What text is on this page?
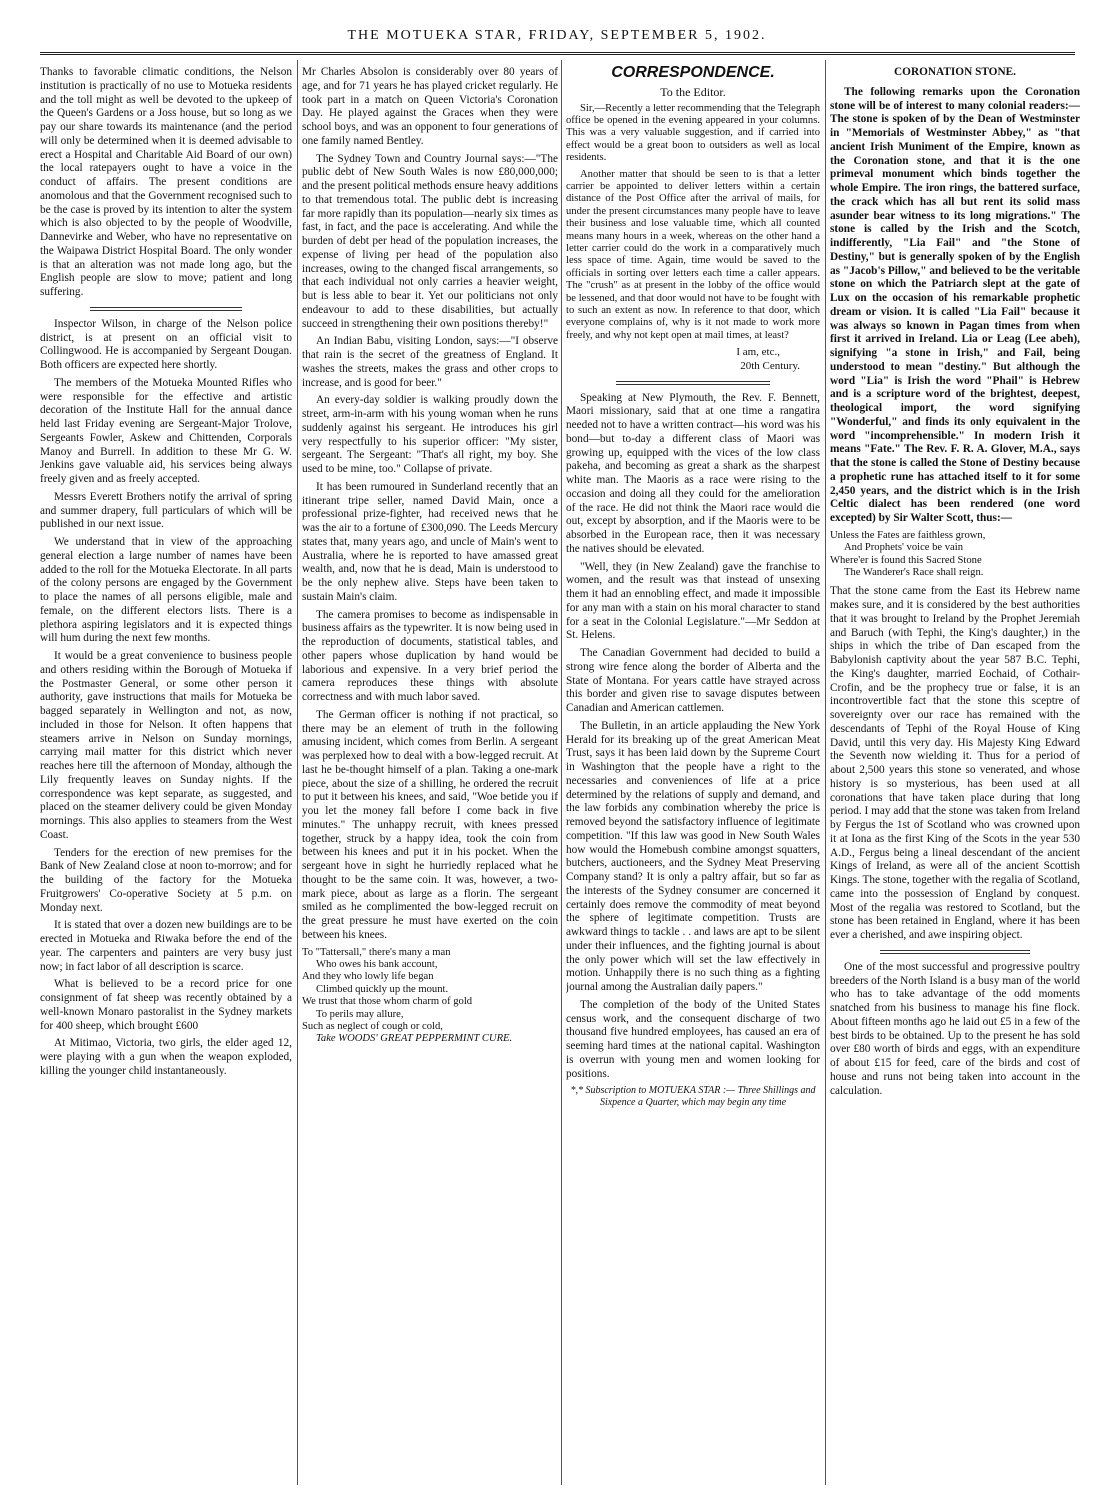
THE MOTUEKA STAR, FRIDAY, SEPTEMBER 5, 1902.

Thanks to favorable climatic conditions, the Nelson institution is practically of no use to Motueka residents and the toll might as well be devoted to the upkeep of the Queen's Gardens or a Joss house, but so long as we pay our share towards its maintenance (and the period will only be determined when it is deemed advisable to erect a Hospital and Charitable Aid Board of our own) the local ratepayers ought to have a voice in the conduct of affairs. The present conditions are anomolous and that the Government recognised such to be the case is proved by its intention to alter the system which is also objected to by the people of Woodville, Dannevirke and Weber, who have no representative on the Waipawa District Hospital Board. The only wonder is that an alteration was not made long ago, but the English people are slow to move; patient and long suffering.

Inspector Wilson, in charge of the Nelson police district, is at present on an official visit to Collingwood. He is accompanied by Sergeant Dougan. Both officers are expected here shortly.

The members of the Motueka Mounted Rifles who were responsible for the effective and artistic decoration of the Institute Hall for the annual dance held last Friday evening are Sergeant-Major Trolove, Sergeants Fowler, Askew and Chittenden, Corporals Manoy and Burrell. In addition to these Mr G. W. Jenkins gave valuable aid, his services being always freely given and as freely accepted.

Messrs Everett Brothers notify the arrival of spring and summer drapery, full particulars of which will be published in our next issue.

We understand that in view of the approaching general election a large number of names have been added to the roll for the Motueka Electorate. In all parts of the colony persons are engaged by the Government to place the names of all persons eligible, male and female, on the different electors lists. There is a plethora aspiring legislators and it is expected things will hum during the next few months.

It would be a great convenience to business people and others residing within the Borough of Motueka if the Postmaster General, or some other person it authority, gave instructions that mails for Motueka be bagged separately in Wellington and not, as now, included in those for Nelson. It often happens that steamers arrive in Nelson on Sunday mornings, carrying mail matter for this district which never reaches here till the afternoon of Monday, although the Lily frequently leaves on Sunday nights. If the correspondence was kept separate, as suggested, and placed on the steamer delivery could be given Monday mornings. This also applies to steamers from the West Coast.

Tenders for the erection of new premises for the Bank of New Zealand close at noon to-morrow; and for the building of the factory for the Motueka Fruitgrowers' Co-operative Society at 5 p.m. on Monday next.

It is stated that over a dozen new buildings are to be erected in Motueka and Riwaka before the end of the year. The carpenters and painters are very busy just now; in fact labor of all description is scarce.

What is believed to be a record price for one consignment of fat sheep was recently obtained by a well-known Monaro pastoralist in the Sydney markets for 400 sheep, which brought £600

At Mitimao, Victoria, two girls, the elder aged 12, were playing with a gun when the weapon exploded, killing the younger child instantaneously.

Mr Charles Absolon is considerably over 80 years of age, and for 71 years he has played cricket regularly. He took part in a match on Queen Victoria's Coronation Day. He played against the Graces when they were school boys, and was an opponent to four generations of one family named Bentley.

The Sydney Town and Country Journal says:—"The public debt of New South Wales is now £80,000,000; and the present political methods ensure heavy additions to that tremendous total. The public debt is increasing far more rapidly than its population—nearly six times as fast, in fact, and the pace is accelerating. And while the burden of debt per head of the population increases, the expense of living per head of the population also increases, owing to the changed fiscal arrangements, so that each individual not only carries a heavier weight, but is less able to bear it. Yet our politicians not only endeavour to add to these disabilities, but actually succeed in strengthening their own positions thereby!"

An Indian Babu, visiting London, says:—"I observe that rain is the secret of the greatness of England. It washes the streets, makes the grass and other crops to increase, and is good for beer."

An every-day soldier is walking proudly down the street, arm-in-arm with his young woman when he runs suddenly against his sergeant. He introduces his girl very respectfully to his superior officer: "My sister, sergeant. The Sergeant: "That's all right, my boy. She used to be mine, too." Collapse of private.

It has been rumoured in Sunderland recently that an itinerant tripe seller, named David Main, once a professional prize-fighter, had received news that he was the air to a fortune of £300,090. The Leeds Mercury states that, many years ago, and uncle of Main's went to Australia, where he is reported to have amassed great wealth, and, now that he is dead, Main is understood to be the only nephew alive. Steps have been taken to sustain Main's claim.

The camera promises to become as indispensable in business affairs as the typewriter. It is now being used in the reproduction of documents, statistical tables, and other papers whose duplication by hand would be laborious and expensive. In a very brief period the camera reproduces these things with absolute correctness and with much labor saved.

The German officer is nothing if not practical, so there may be an element of truth in the following amusing incident, which comes from Berlin. A sergeant was perplexed how to deal with a bow-legged recruit. At last he be-thought himself of a plan. Taking a one-mark piece, about the size of a shilling, he ordered the recruit to put it between his knees, and said, "Woe betide you if you let the money fall before I come back in five minutes." The unhappy recruit, with knees pressed together, struck by a happy idea, took the coin from between his knees and put it in his pocket. When the sergeant hove in sight he hurriedly replaced what he thought to be the same coin. It was, however, a two-mark piece, about as large as a florin. The sergeant smiled as he complimented the bow-legged recruit on the great pressure he must have exerted on the coin between his knees.

To "Tattersall," there's many a man
Who owes his bank account,
And they who lowly life began
Climbed quickly up the mount.
We trust that those whom charm of gold
To perils may allure,
Such as neglect of cough or cold,
Take WOODS' GREAT PEPPERMINT CURE.
CORRESPONDENCE.
To the Editor.

Sir,—Recently a letter recommending that the Telegraph office be opened in the evening appeared in your columns. This was a very valuable suggestion, and if carried into effect would be a great boon to outsiders as well as local residents.

Another matter that should be seen to is that a letter carrier be appointed to deliver letters within a certain distance of the Post Office after the arrival of mails, for under the present circumstances many people have to leave their business and lose valuable time, which all counted means many hours in a week, whereas on the other hand a letter carrier could do the work in a comparatively much less space of time. Again, time would be saved to the officials in sorting over letters each time a caller appears. The "crush" as at present in the lobby of the office would be lessened, and that door would not have to be fought with to such an extent as now. In reference to that door, which everyone complains of, why is it not made to work more freely, and why not kept open at mail times, at least?

I am, etc.,
20th Century.

Speaking at New Plymouth, the Rev. F. Bennett, Maori missionary, said that at one time a rangatira needed not to have a written contract—his word was his bond—but to-day a different class of Maori was growing up, equipped with the vices of the low class pakeha, and becoming as great a shark as the sharpest white man. The Maoris as a race were rising to the occasion and doing all they could for the amelioration of the race. He did not think the Maori race would die out, except by absorption, and if the Maoris were to be absorbed in the European race, then it was necessary the natives should be elevated.

"Well, they (in New Zealand) gave the franchise to women, and the result was that instead of unsexing them it had an ennobling effect, and made it impossible for any man with a stain on his moral character to stand for a seat in the Colonial Legislature."—Mr Seddon at St. Helens.

The Canadian Government had decided to build a strong wire fence along the border of Alberta and the State of Montana. For years cattle have strayed across this border and given rise to savage disputes between Canadian and American cattlemen.

The Bulletin, in an article applauding the New York Herald for its breaking up of the great American Meat Trust, says it has been laid down by the Supreme Court in Washington that the people have a right to the necessaries and conveniences of life at a price determined by the relations of supply and demand, and the law forbids any combination whereby the price is removed beyond the satisfactory influence of legitimate competition. "If this law was good in New South Wales how would the Homebush combine amongst squatters, butchers, auctioneers, and the Sydney Meat Preserving Company stand? It is only a paltry affair, but so far as the interests of the Sydney consumer are concerned it certainly does remove the commodity of meat beyond the sphere of legitimate competition. Trusts are awkward things to tackle . . and laws are apt to be silent under their influences, and the fighting journal is about the only power which will set the law effectively in motion. Unhappily there is no such thing as a fighting journal among the Australian daily papers."

The completion of the body of the United States census work, and the consequent discharge of two thousand five hundred employees, has caused an era of seeming hard times at the national capital. Washington is overrun with young men and women looking for positions.

*,* Subscription to MOTUEKA STAR :— Three Shillings and Sixpence a Quarter, which may begin any time
CORONATION STONE.

The following remarks upon the Coronation stone will be of interest to many colonial readers:—The stone is spoken of by the Dean of Westminster in "Memorials of Westminster Abbey," as "that ancient Irish Muniment of the Empire, known as the Coronation stone, and that it is the one primeval monument which binds together the whole Empire. The iron rings, the battered surface, the crack which has all but rent its solid mass asunder bear witness to its long migrations." The stone is called by the Irish and the Scotch, indifferently, "Lia Fail" and "the Stone of Destiny," but is generally spoken of by the English as "Jacob's Pillow," and believed to be the veritable stone on which the Patriarch slept at the gate of Lux on the occasion of his remarkable prophetic dream or vision. It is called "Lia Fail" because it was always so known in Pagan times from when first it arrived in Ireland. Lia or Leag (Lee abeh), signifying "a stone in Irish," and Fail, being understood to mean "destiny." But although the word "Lia" is Irish the word "Phail" is Hebrew and is a scripture word of the brightest, deepest, theological import, the word signifying "Wonderful," and finds its only equivalent in the word "incomprehensible." In modern Irish it means "Fate." The Rev. F. R. A. Glover, M.A., says that the stone is called the Stone of Destiny because a prophetic rune has attached itself to it for some 2,450 years, and the district which is in the Irish Celtic dialect has been rendered (one word excepted) by Sir Walter Scott, thus:—

Unless the Fates are faithless grown,
And Prophets' voice be vain
Where'er is found this Sacred Stone
The Wanderer's Race shall reign.

That the stone came from the East its Hebrew name makes sure, and it is considered by the best authorities that it was brought to Ireland by the Prophet Jeremiah and Baruch (with Tephi, the King's daughter,) in the ships in which the tribe of Dan escaped from the Babylonish captivity about the year 587 B.C. Tephi, the King's daughter, married Eochaid, of Cothair-Crofin, and be the prophecy true or false, it is an incontrovertible fact that the stone this sceptre of sovereignty over our race has remained with the descendants of Tephi of the Royal House of King David, until this very day. His Majesty King Edward the Seventh now wielding it. Thus for a period of about 2,500 years this stone so venerated, and whose history is so mysterious, has been used at all coronations that have taken place during that long period. I may add that the stone was taken from Ireland by Fergus the 1st of Scotland who was crowned upon it at Iona as the first King of the Scots in the year 530 A.D., Fergus being a lineal descendant of the ancient Kings of Ireland, as were all of the ancient Scottish Kings. The stone, together with the regalia of Scotland, came into the possession of England by conquest. Most of the regalia was restored to Scotland, but the stone has been retained in England, where it has been ever a cherished, and awe inspiring object.

One of the most successful and progressive poultry breeders of the North Island is a busy man of the world who has to take advantage of the odd moments snatched from his business to manage his fine flock. About fifteen months ago he laid out £5 in a few of the best birds to be obtained. Up to the present he has sold over £80 worth of birds and eggs, with an expenditure of about £15 for feed, care of the birds and cost of house and runs not being taken into account in the calculation.
